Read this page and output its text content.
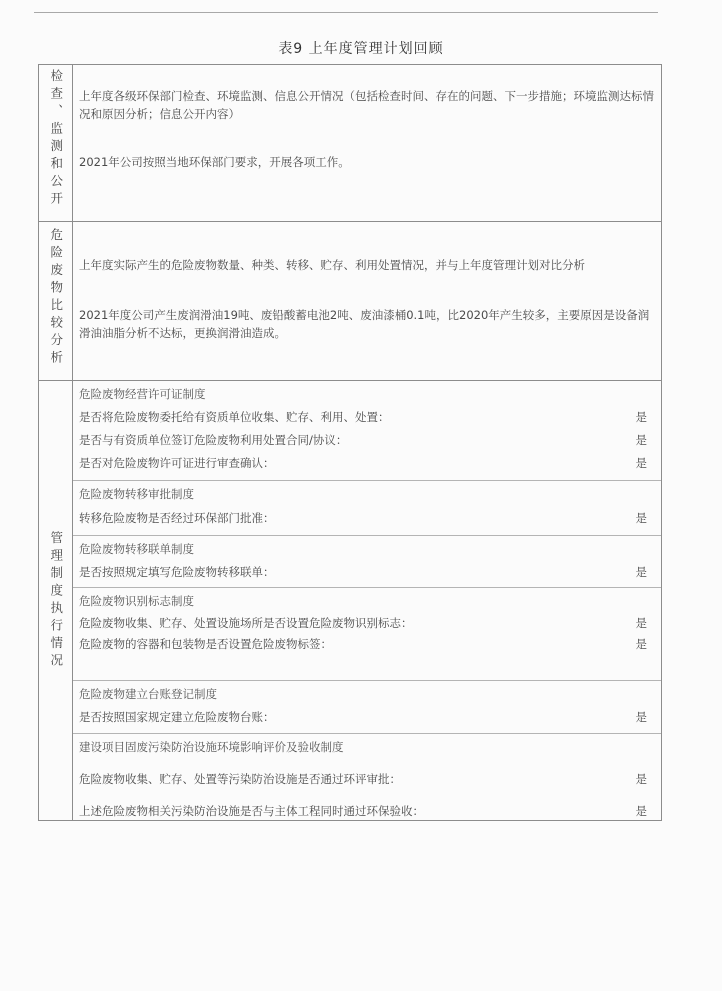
表9 上年度管理计划回顾
检查、监测和公开 上年度各级环保部门检查、环境监测、信息公开情况（包括检查时间、存在的问题、下一步措施；环境监测达标情况和原因分析；信息公开内容）

2021年公司按照当地环保部门要求，开展各项工作。

危险废物比较分析 上年度实际产生的危险废物数量、种类、转移、贮存、利用处置情况，并与上年度管理计划对比分析

2021年度公司产生废润滑油19吨、废铅酸蓄电池2吨、废油漆桶0.1吨，比2020年产生较多，主要原因是设备润滑油油脂分析不达标，更换润滑油造成。

管理制度执行情况
危险废物经营许可证制度
是否将危险废物委托给有资质单位收集、贮存、利用、处置：	是
是否与有资质单位签订危险废物利用处置合同/协议：	是
是否对危险废物许可证进行审查确认：	是
危险废物转移审批制度
转移危险废物是否经过环保部门批准：	是
危险废物转移联单制度
是否按照规定填写危险废物转移联单：	是
危险废物识别标志制度
危险废物收集、贮存、处置设施场所是否设置危险废物识别标志：	是
危险废物的容器和包装物是否设置危险废物标签：	是
危险废物建立台账登记制度
是否按照国家规定建立危险废物台账：	是
建设项目固废污染防治设施环境影响评价及验收制度
危险废物收集、贮存、处置等污染防治设施是否通过环评审批：	是
上述危险废物相关污染防治设施是否与主体工程同时通过环保验收：	是
